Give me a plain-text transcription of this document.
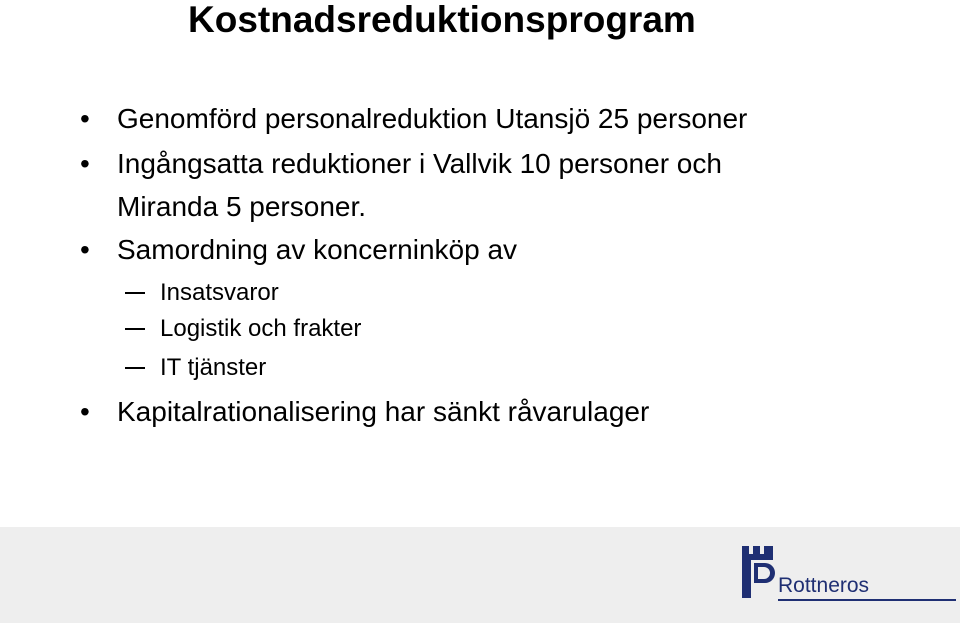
Kostnadsreduktionsprogram
• Genomförd personalreduktion Utansjö 25 personer
• Ingångsatta reduktioner i Vallvik 10 personer och
Miranda 5 personer.
• Samordning av koncerninköp av
Insatsvaror
Logistik och frakter
IT tjänster
• Kapitalrationalisering har sänkt råvarulager
Rottneros
